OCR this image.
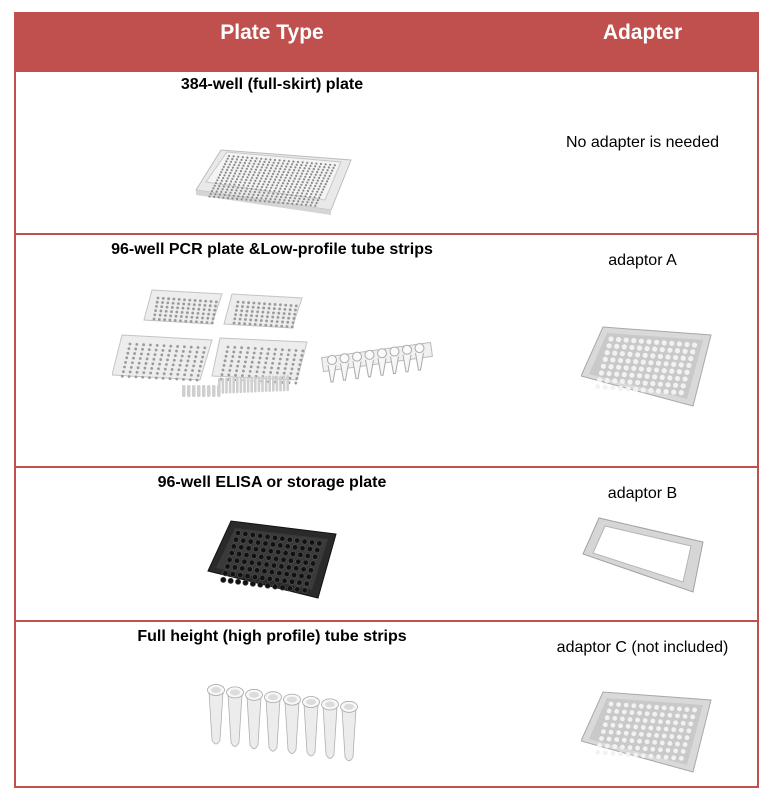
Plate Type	Adapter
384-well (full-skirt) plate
No adapter is needed
96-well PCR plate &Low-profile tube strips
adaptor A
96-well ELISA or storage plate
adaptor B
Full height (high profile) tube strips
adaptor C (not included)
